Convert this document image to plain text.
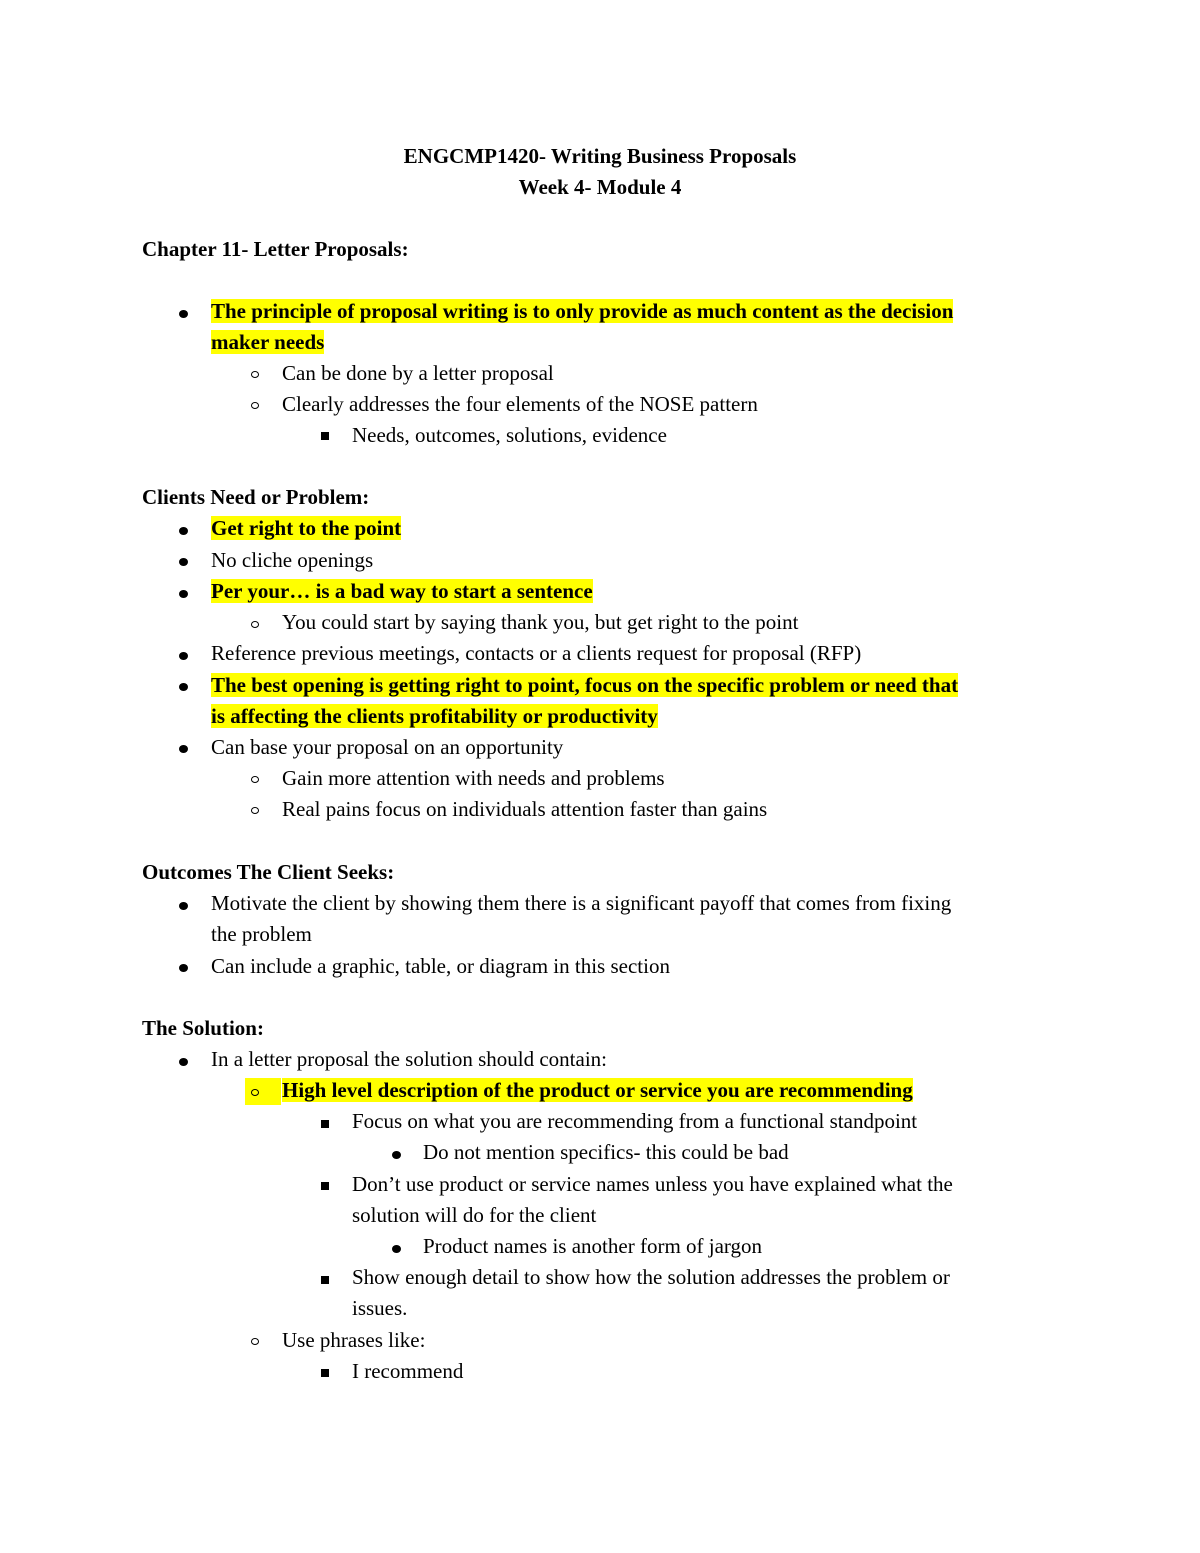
ENGCMP1420- Writing Business Proposals
Week 4- Module 4
Chapter 11- Letter Proposals:
The principle of proposal writing is to only provide as much content as the decision
maker needs
Can be done by a letter proposal
Clearly addresses the four elements of the NOSE pattern
Needs, outcomes, solutions, evidence
Clients Need or Problem:
Get right to the point
No cliche openings
Per your… is a bad way to start a sentence
You could start by saying thank you, but get right to the point
Reference previous meetings, contacts or a clients request for proposal (RFP)
The best opening is getting right to point, focus on the specific problem or need that
is affecting the clients profitability or productivity
Can base your proposal on an opportunity
Gain more attention with needs and problems
Real pains focus on individuals attention faster than gains
Outcomes The Client Seeks:
Motivate the client by showing them there is a significant payoff that comes from fixing
the problem
Can include a graphic, table, or diagram in this section
The Solution:
In a letter proposal the solution should contain:
High level description of the product or service you are recommending
Focus on what you are recommending from a functional standpoint
Do not mention specifics- this could be bad
Don’t use product or service names unless you have explained what the
solution will do for the client
Product names is another form of jargon
Show enough detail to show how the solution addresses the problem or
issues.
Use phrases like:
I recommend
